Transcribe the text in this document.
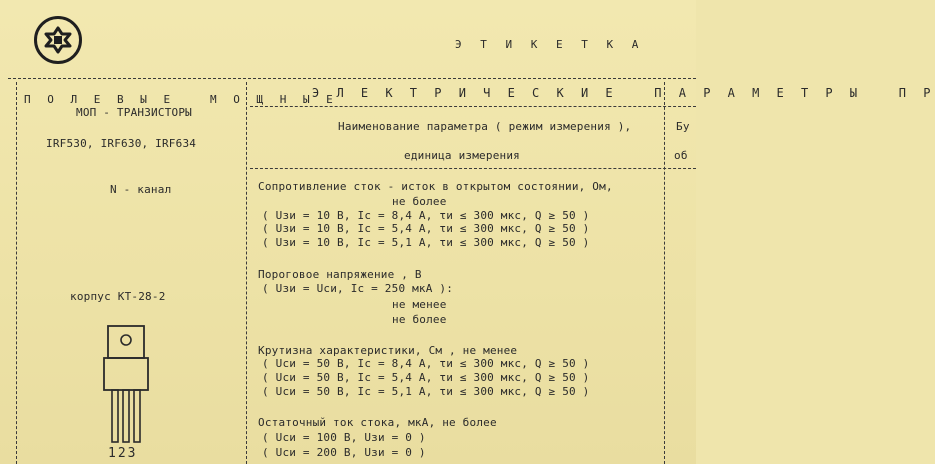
Э Т И К Е Т К А
П О Л Е В Ы Е   М О Щ Н Ы Е
МОП - ТРАНЗИСТОРЫ
IRF530, IRF630, IRF634
N - канал
корпус КТ-28-2
123
Э Л Е К Т Р И Ч Е С К И Е   П А Р А М Е Т Р Ы   П Р
Наименование параметра ( режим измерения ),
единица измерения
Бу
об
Сопротивление сток - исток в открытом состоянии, Ом,
не более
( Uзи = 10 В, Ic = 8,4 А, τи ≤ 300 мкс, Q ≥ 50 )
( Uзи = 10 В, Ic = 5,4 А, τи ≤ 300 мкс, Q ≥ 50 )
( Uзи = 10 В, Ic = 5,1 А, τи ≤ 300 мкс, Q ≥ 50 )
Пороговое напряжение , В
( Uзи = Uси, Ic = 250 мкА ):
не менее
не более
Крутизна характеристики, См , не менее
( Uси = 50 В, Ic = 8,4 А, τи ≤ 300 мкс, Q ≥ 50 )
( Uси = 50 В, Ic = 5,4 А, τи ≤ 300 мкс, Q ≥ 50 )
( Uси = 50 В, Ic = 5,1 А, τи ≤ 300 мкс, Q ≥ 50 )
Остаточный ток стока, мкА, не более
( Uси = 100 В, Uзи = 0 )
( Uси = 200 В, Uзи = 0 )
